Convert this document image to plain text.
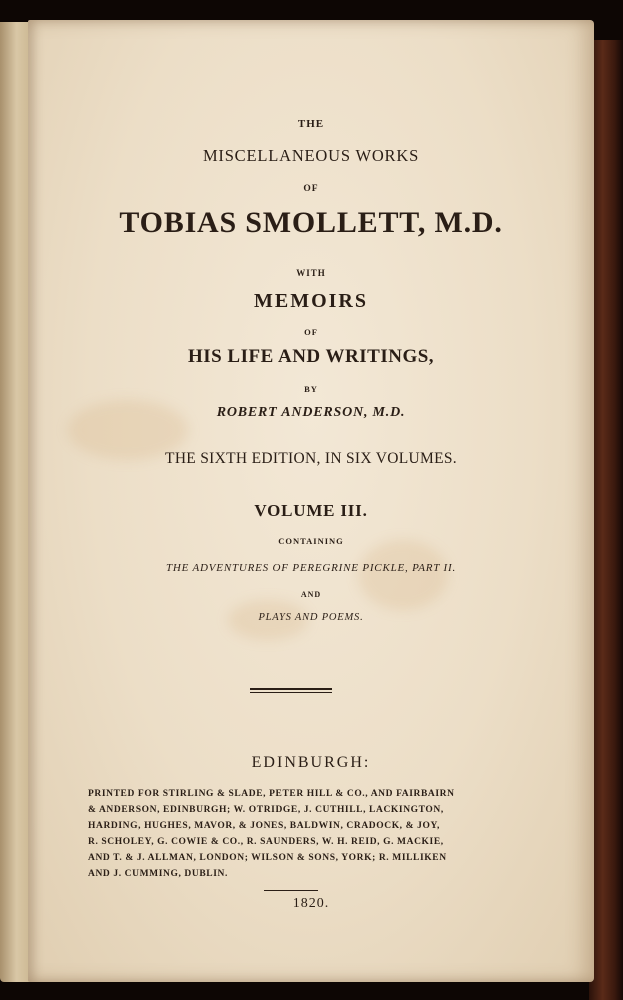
THE
MISCELLANEOUS WORKS
OF
TOBIAS SMOLLETT, M.D.
WITH
MEMOIRS
OF
HIS LIFE AND WRITINGS,
BY
ROBERT ANDERSON, M.D.
THE SIXTH EDITION, IN SIX VOLUMES.
VOLUME III.
CONTAINING
THE ADVENTURES OF PEREGRINE PICKLE, PART II.
AND
PLAYS AND POEMS.
EDINBURGH:
PRINTED FOR STIRLING & SLADE, PETER HILL & CO., AND FAIRBAIRN
& ANDERSON, EDINBURGH; W. OTRIDGE, J. CUTHILL, LACKINGTON,
HARDING, HUGHES, MAVOR, & JONES, BALDWIN, CRADOCK, & JOY,
R. SCHOLEY, G. COWIE & CO., R. SAUNDERS, W. H. REID, G. MACKIE,
AND T. & J. ALLMAN, LONDON; WILSON & SONS, YORK; R. MILLIKEN
AND J. CUMMING, DUBLIN.
1820.
